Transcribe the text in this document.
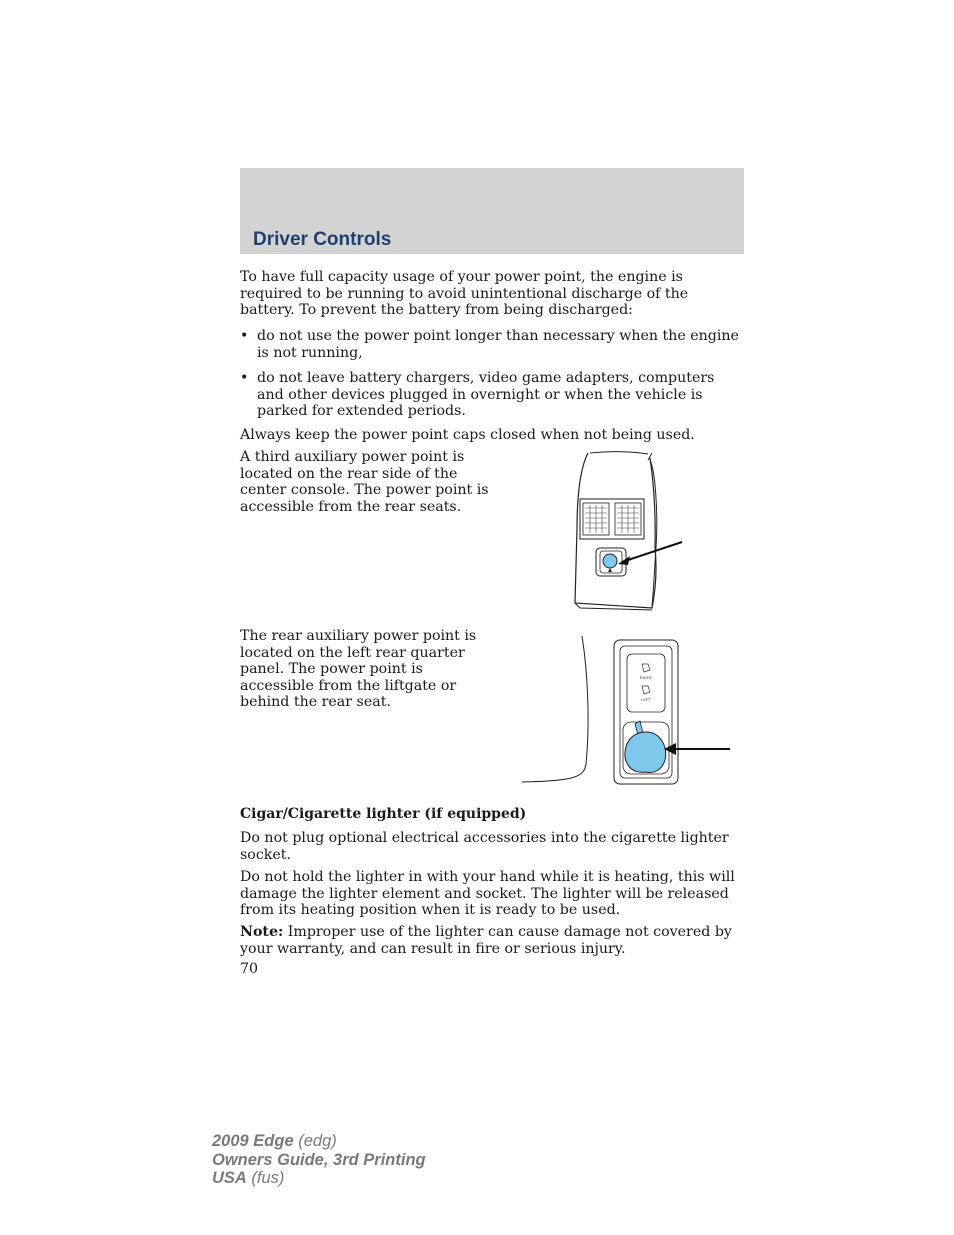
Driver Controls

To have full capacity usage of your power point, the engine is required to be running to avoid unintentional discharge of the battery. To prevent the battery from being discharged:

• do not use the power point longer than necessary when the engine is not running,
• do not leave battery chargers, video game adapters, computers and other devices plugged in overnight or when the vehicle is parked for extended periods.

Always keep the power point caps closed when not being used.

A third auxiliary power point is located on the rear side of the center console. The power point is accessible from the rear seats.

The rear auxiliary power point is located on the left rear quarter panel. The power point is accessible from the liftgate or behind the rear seat.

RIGHT
LEFT
Cigar/Cigarette lighter (if equipped)

Do not plug optional electrical accessories into the cigarette lighter socket.

Do not hold the lighter in with your hand while it is heating, this will damage the lighter element and socket. The lighter will be released from its heating position when it is ready to be used.

Note: Improper use of the lighter can cause damage not covered by your warranty, and can result in fire or serious injury.

70
2009 Edge (edg)
Owners Guide, 3rd Printing
USA (fus)
